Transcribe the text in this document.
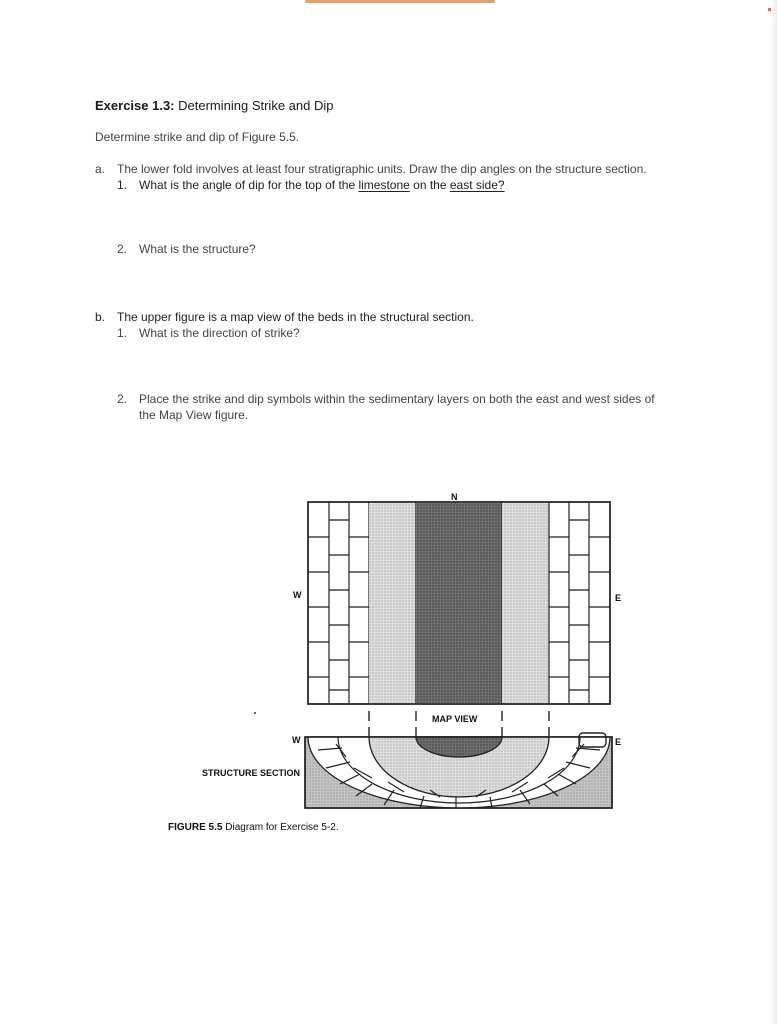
Exercise 1.3: Determining Strike and Dip
Determine strike and dip of Figure 5.5.
a. The lower fold involves at least four stratigraphic units. Draw the dip angles on the structure section.
1. What is the angle of dip for the top of the limestone on the east side?
2. What is the structure?
b. The upper figure is a map view of the beds in the structural section.
1. What is the direction of strike?
2. Place the strike and dip symbols within the sedimentary layers on both the east and west sides of
the Map View figure.
N
W	E
MAP VIEW
W	E
STRUCTURE SECTION
FIGURE 5.5 Diagram for Exercise 5-2.
